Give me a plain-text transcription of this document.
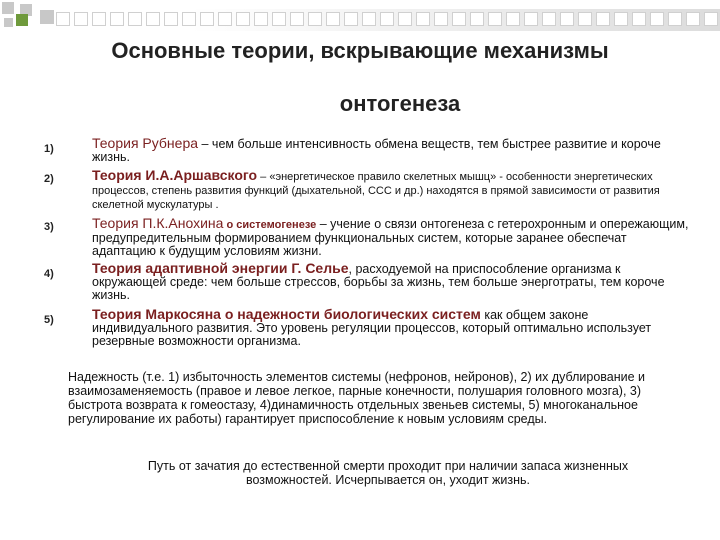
Основные теории, вскрывающие механизмы
онтогенеза
1)	Теория Рубнера – чем больше интенсивность обмена веществ, тем быстрее развитие и короче жизнь.
2)	Теория И.А.Аршавского – «энергетическое правило скелетных мышц» - особенности энергетических процессов, степень развития функций (дыхательной, ССС и др.) находятся в прямой зависимости от развития скелетной мускулатуры .
3)	Теория П.К.Анохина о системогенезе – учение о связи онтогенеза с гетерохронным и опережающим, предупредительным формированием функциональных систем, которые заранее обеспечат адаптацию к будущим условиям жизни.
4)	Теория адаптивной энергии Г. Селье, расходуемой на приспособление организма к окружающей среде: чем больше стрессов, борьбы за жизнь, тем больше энерготраты, тем короче жизнь.
5)	Теория Маркосяна о надежности биологических систем как общем законе индивидуального развития. Это уровень регуляции процессов, который оптимально использует резервные возможности организма.
Надежность (т.е. 1) избыточность элементов системы (нефронов, нейронов), 2) их дублирование и взаимозаменяемость (правое и левое легкое, парные конечности, полушария головного мозга), 3) быстрота возврата к гомеостазу, 4)динамичность отдельных звеньев системы, 5) многоканальное регулирование их работы) гарантирует приспособление к новым условиям среды.
Путь от зачатия до естественной смерти проходит при наличии запаса жизненных возможностей. Исчерпывается он, уходит жизнь.
